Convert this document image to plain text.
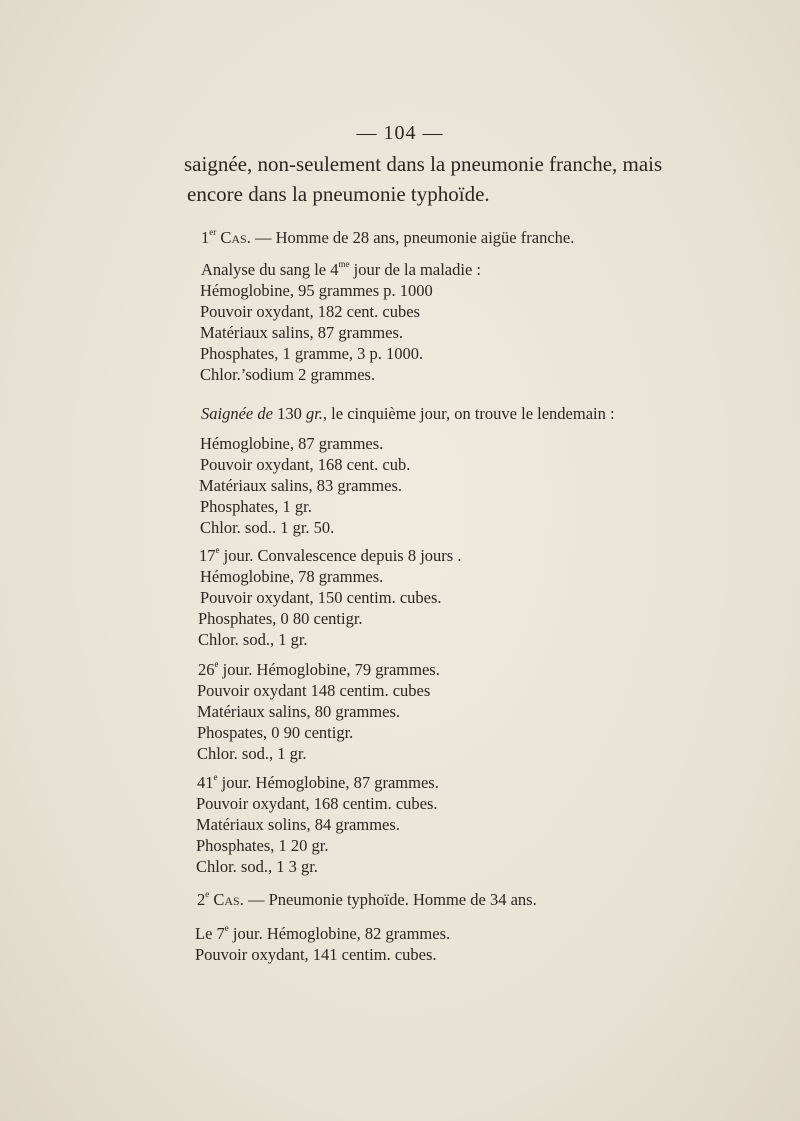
— 104 —
saignée, non-seulement dans la pneumonie franche, mais
encore dans la pneumonie typhoïde.
1er Cas. — Homme de 28 ans, pneumonie aigüe franche.
Analyse du sang le $4^{me}$ jour de la maladie :
Hémoglobine, 95 grammes p. 1000
Pouvoir oxydant, 182 cent. cubes
Matériaux salins, 87 grammes.
Phosphates, 1 gramme, 3 p. 1000.
Chlor.’sodium 2 grammes.
Saignée de 130 gr., le cinquième jour, on trouve le lendemain :
Hémoglobine, 87 grammes.
Pouvoir oxydant, 168 cent. cub.
Matériaux salins, 83 grammes.
Phosphates, 1 gr.
Chlor. sod.. 1 gr. 50.
17e jour. Convalescence depuis 8 jours .
Hémoglobine, 78 grammes.
Pouvoir oxydant, 150 centim. cubes.
Phosphates, 0 80 centigr.
Chlor. sod., 1 gr.
26e jour. Hémoglobine, 79 grammes.
Pouvoir oxydant 148 centim. cubes
Matériaux salins, 80 grammes.
Phospates, 0 90 centigr.
Chlor. sod., 1 gr.
41e jour. Hémoglobine, 87 grammes.
Pouvoir oxydant, 168 centim. cubes.
Matériaux solins, 84 grammes.
Phosphates, 1 20 gr.
Chlor. sod., 1 3 gr.
2e Cas. — Pneumonie typhoïde. Homme de 34 ans.
Le 7e jour. Hémoglobine, 82 grammes.
Pouvoir oxydant, 141 centim. cubes.
